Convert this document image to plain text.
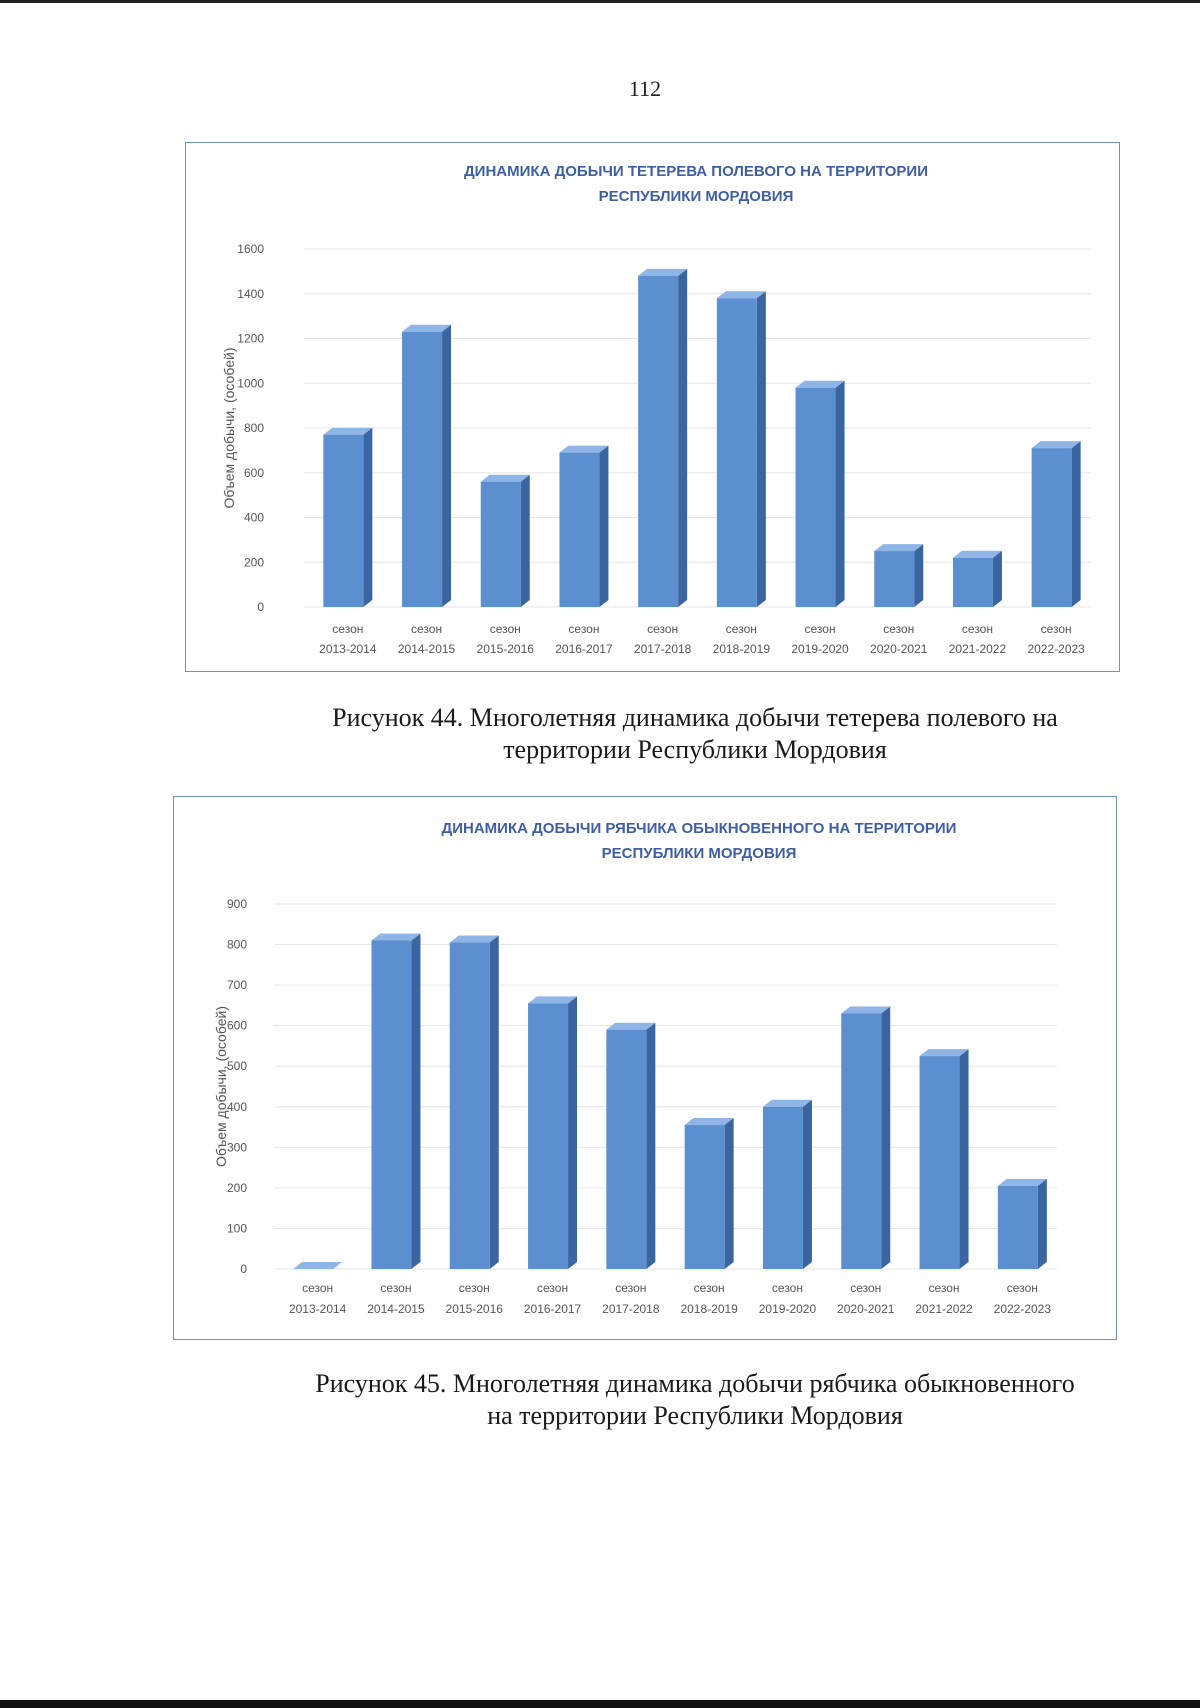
112
ДИНАМИКА ДОБЫЧИ ТЕТЕРЕВА ПОЛЕВОГО НА ТЕРРИТОРИИ
РЕСПУБЛИКИ МОРДОВИЯ
0
200
400
600
800
1000
1200
1400
1600
Объем добычи, (особей)
сезон
2013-2014
сезон
2014-2015
сезон
2015-2016
сезон
2016-2017
сезон
2017-2018
сезон
2018-2019
сезон
2019-2020
сезон
2020-2021
сезон
2021-2022
сезон
2022-2023
Рисунок 44. Многолетняя динамика добычи тетерева полевого на
территории Республики Мордовия
ДИНАМИКА ДОБЫЧИ РЯБЧИКА ОБЫКНОВЕННОГО НА ТЕРРИТОРИИ
РЕСПУБЛИКИ МОРДОВИЯ
0
100
200
300
400
500
600
700
800
900
Объем добычи, (особей)
сезон
2013-2014
сезон
2014-2015
сезон
2015-2016
сезон
2016-2017
сезон
2017-2018
сезон
2018-2019
сезон
2019-2020
сезон
2020-2021
сезон
2021-2022
сезон
2022-2023
Рисунок 45. Многолетняя динамика добычи рябчика обыкновенного
на территории Республики Мордовия
